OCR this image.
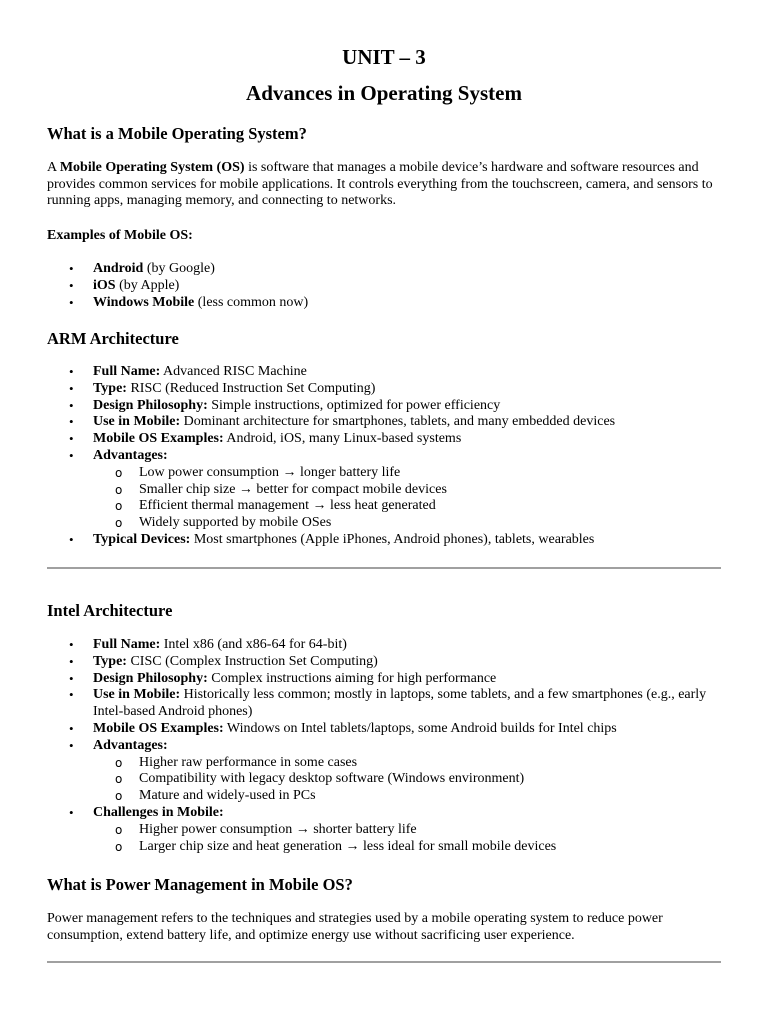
UNIT – 3
Advances in Operating System
What is a Mobile Operating System?
A Mobile Operating System (OS) is software that manages a mobile device’s hardware and software resources and provides common services for mobile applications. It controls everything from the touchscreen, camera, and sensors to running apps, managing memory, and connecting to networks.
Examples of Mobile OS:
• Android (by Google)
• iOS (by Apple)
• Windows Mobile (less common now)
ARM Architecture
• Full Name: Advanced RISC Machine
• Type: RISC (Reduced Instruction Set Computing)
• Design Philosophy: Simple instructions, optimized for power efficiency
• Use in Mobile: Dominant architecture for smartphones, tablets, and many embedded devices
• Mobile OS Examples: Android, iOS, many Linux-based systems
• Advantages:
o Low power consumption → longer battery life
o Smaller chip size → better for compact mobile devices
o Efficient thermal management → less heat generated
o Widely supported by mobile OSes
• Typical Devices: Most smartphones (Apple iPhones, Android phones), tablets, wearables
Intel Architecture
• Full Name: Intel x86 (and x86-64 for 64-bit)
• Type: CISC (Complex Instruction Set Computing)
• Design Philosophy: Complex instructions aiming for high performance
• Use in Mobile: Historically less common; mostly in laptops, some tablets, and a few smartphones (e.g., early Intel-based Android phones)
• Mobile OS Examples: Windows on Intel tablets/laptops, some Android builds for Intel chips
• Advantages:
o Higher raw performance in some cases
o Compatibility with legacy desktop software (Windows environment)
o Mature and widely-used in PCs
• Challenges in Mobile:
o Higher power consumption → shorter battery life
o Larger chip size and heat generation → less ideal for small mobile devices
What is Power Management in Mobile OS?
Power management refers to the techniques and strategies used by a mobile operating system to reduce power consumption, extend battery life, and optimize energy use without sacrificing user experience.
